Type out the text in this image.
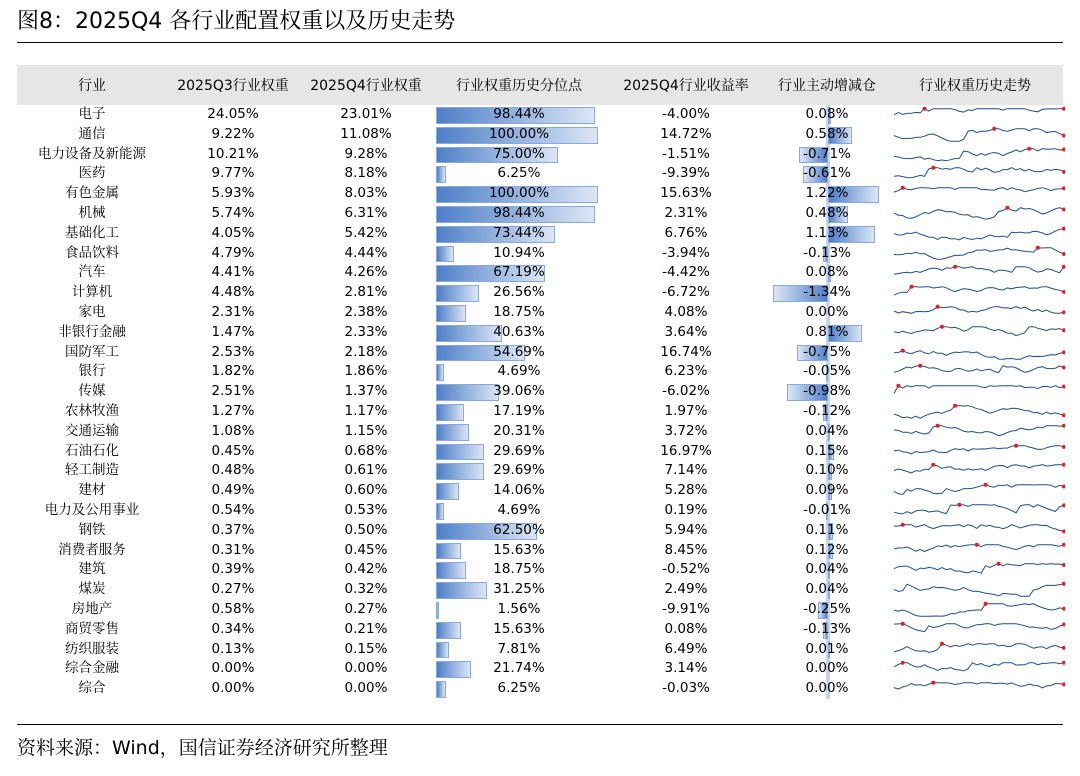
图8：2025Q4 各行业配置权重以及历史走势
行业	2025Q3行业权重	2025Q4行业权重	行业权重历史分位点	2025Q4行业收益率	行业主动增减仓	行业权重历史走势
电子	24.05%	23.01%	98.44%	-4.00%	0.08%
通信	9.22%	11.08%	100.00%	14.72%	0.58%
电力设备及新能源	10.21%	9.28%	75.00%	-1.51%	-0.71%
医药	9.77%	8.18%	6.25%	-9.39%	-0.61%
有色金属	5.93%	8.03%	100.00%	15.63%	1.22%
机械	5.74%	6.31%	98.44%	2.31%	0.48%
基础化工	4.05%	5.42%	73.44%	6.76%	1.13%
食品饮料	4.79%	4.44%	10.94%	-3.94%	-0.13%
汽车	4.41%	4.26%	67.19%	-4.42%	0.08%
计算机	4.48%	2.81%	26.56%	-6.72%	-1.34%
家电	2.31%	2.38%	18.75%	4.08%	0.00%
非银行金融	1.47%	2.33%	40.63%	3.64%	0.81%
国防军工	2.53%	2.18%	54.69%	16.74%	-0.75%
银行	1.82%	1.86%	4.69%	6.23%	-0.05%
传媒	2.51%	1.37%	39.06%	-6.02%	-0.98%
农林牧渔	1.27%	1.17%	17.19%	1.97%	-0.12%
交通运输	1.08%	1.15%	20.31%	3.72%	0.04%
石油石化	0.45%	0.68%	29.69%	16.97%	0.15%
轻工制造	0.48%	0.61%	29.69%	7.14%	0.10%
建材	0.49%	0.60%	14.06%	5.28%	0.09%
电力及公用事业	0.54%	0.53%	4.69%	0.19%	-0.01%
钢铁	0.37%	0.50%	62.50%	5.94%	0.11%
消费者服务	0.31%	0.45%	15.63%	8.45%	0.12%
建筑	0.39%	0.42%	18.75%	-0.52%	0.04%
煤炭	0.27%	0.32%	31.25%	2.49%	0.04%
房地产	0.58%	0.27%	1.56%	-9.91%	-0.25%
商贸零售	0.34%	0.21%	15.63%	0.08%	-0.13%
纺织服装	0.13%	0.15%	7.81%	6.49%	0.01%
综合金融	0.00%	0.00%	21.74%	3.14%	0.00%
综合	0.00%	0.00%	6.25%	-0.03%	0.00%
资料来源：Wind，国信证券经济研究所整理
